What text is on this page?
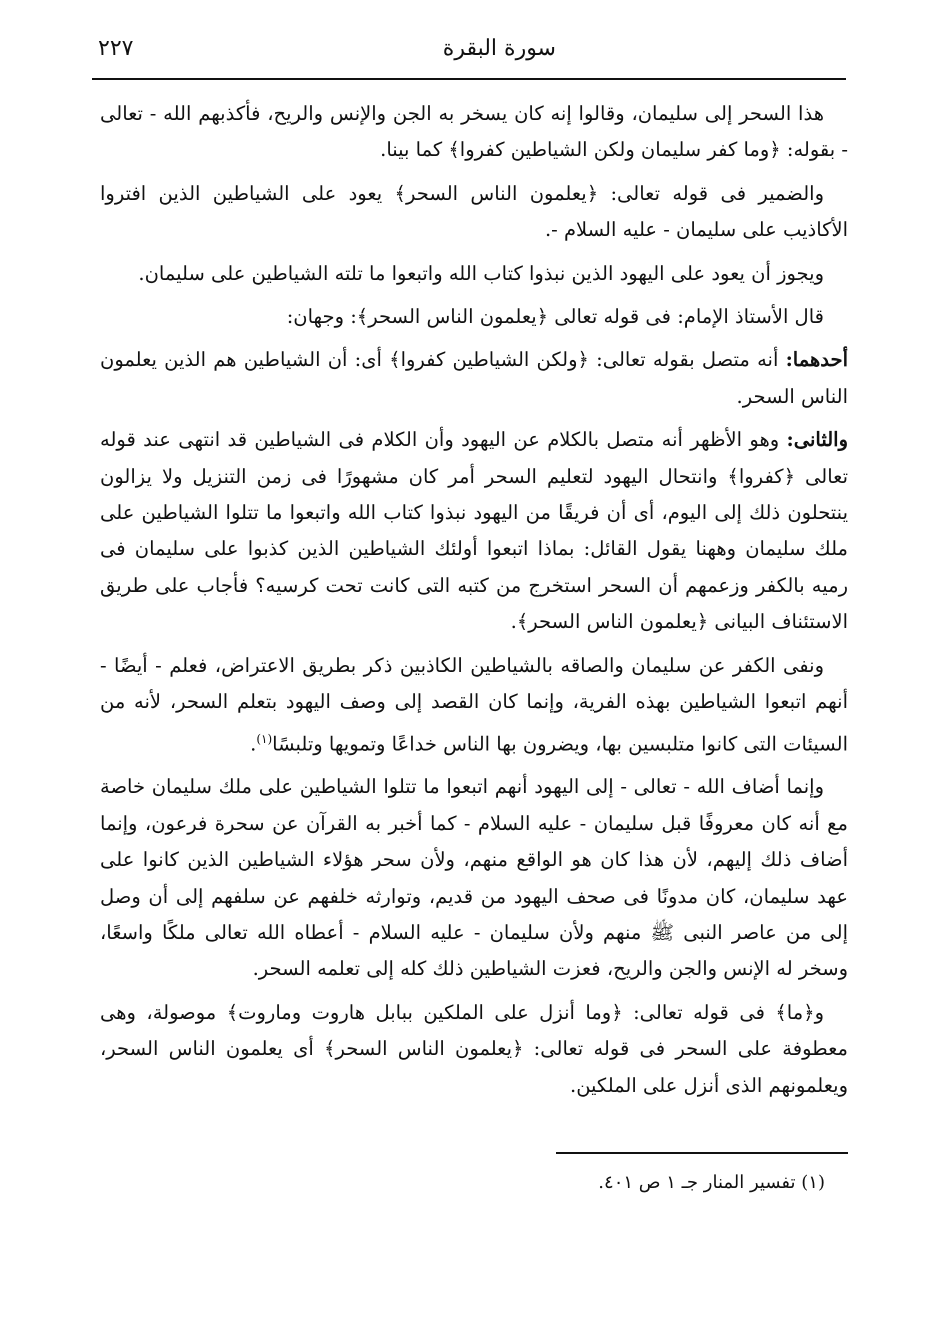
سورة البقرة
٢٢٧

هذا السحر إلى سليمان، وقالوا إنه كان يسخر به الجن والإنس والريح، فأكذبهم الله - تعالى - بقوله: ﴿وما كفر سليمان ولكن الشياطين كفروا﴾ كما بينا.

والضمير فى قوله تعالى: ﴿يعلمون الناس السحر﴾ يعود على الشياطين الذين افتروا الأكاذيب على سليمان - عليه السلام -.

ويجوز أن يعود على اليهود الذين نبذوا كتاب الله واتبعوا ما تلته الشياطين على سليمان.

قال الأستاذ الإمام: فى قوله تعالى ﴿يعلمون الناس السحر﴾: وجهان:

أحدهما: أنه متصل بقوله تعالى: ﴿ولكن الشياطين كفروا﴾ أى: أن الشياطين هم الذين يعلمون الناس السحر.

والثانى: وهو الأظهر أنه متصل بالكلام عن اليهود وأن الكلام فى الشياطين قد انتهى عند قوله تعالى ﴿كفروا﴾ وانتحال اليهود لتعليم السحر أمر كان مشهورًا فى زمن التنزيل ولا يزالون ينتحلون ذلك إلى اليوم، أى أن فريقًا من اليهود نبذوا كتاب الله واتبعوا ما تتلوا الشياطين على ملك سليمان وههنا يقول القائل: بماذا اتبعوا أولئك الشياطين الذين كذبوا على سليمان فى رميه بالكفر وزعمهم أن السحر استخرج من كتبه التى كانت تحت كرسيه؟ فأجاب على طريق الاستئناف البيانى ﴿يعلمون الناس السحر﴾.

ونفى الكفر عن سليمان والصاقه بالشياطين الكاذبين ذكر بطريق الاعتراض، فعلم - أيضًا - أنهم اتبعوا الشياطين بهذه الفرية، وإنما كان القصد إلى وصف اليهود بتعلم السحر، لأنه من السيئات التى كانوا متلبسين بها، ويضرون بها الناس خداعًا وتمويها وتلبسًا$^{(١)}$.

وإنما أضاف الله - تعالى - إلى اليهود أنهم اتبعوا ما تتلوا الشياطين على ملك سليمان خاصة مع أنه كان معروفًا قبل سليمان - عليه السلام - كما أخبر به القرآن عن سحرة فرعون، وإنما أضاف ذلك إليهم، لأن هذا كان هو الواقع منهم، ولأن سحر هؤلاء الشياطين الذين كانوا على عهد سليمان، كان مدونًا فى صحف اليهود من قديم، وتوارثه خلفهم عن سلفهم إلى أن وصل إلى من عاصر النبى ﷺ منهم ولأن سليمان - عليه السلام - أعطاه الله تعالى ملكًا واسعًا، وسخر له الإنس والجن والريح، فعزت الشياطين ذلك كله إلى تعلمه السحر.

و﴿ما﴾ فى قوله تعالى: ﴿وما أنزل على الملكين ببابل هاروت وماروت﴾ موصولة، وهى معطوفة على السحر فى قوله تعالى: ﴿يعلمون الناس السحر﴾ أى يعلمون الناس السحر، ويعلمونهم الذى أنزل على الملكين.

(١) تفسير المنار جـ ١ ص ٤٠١.
